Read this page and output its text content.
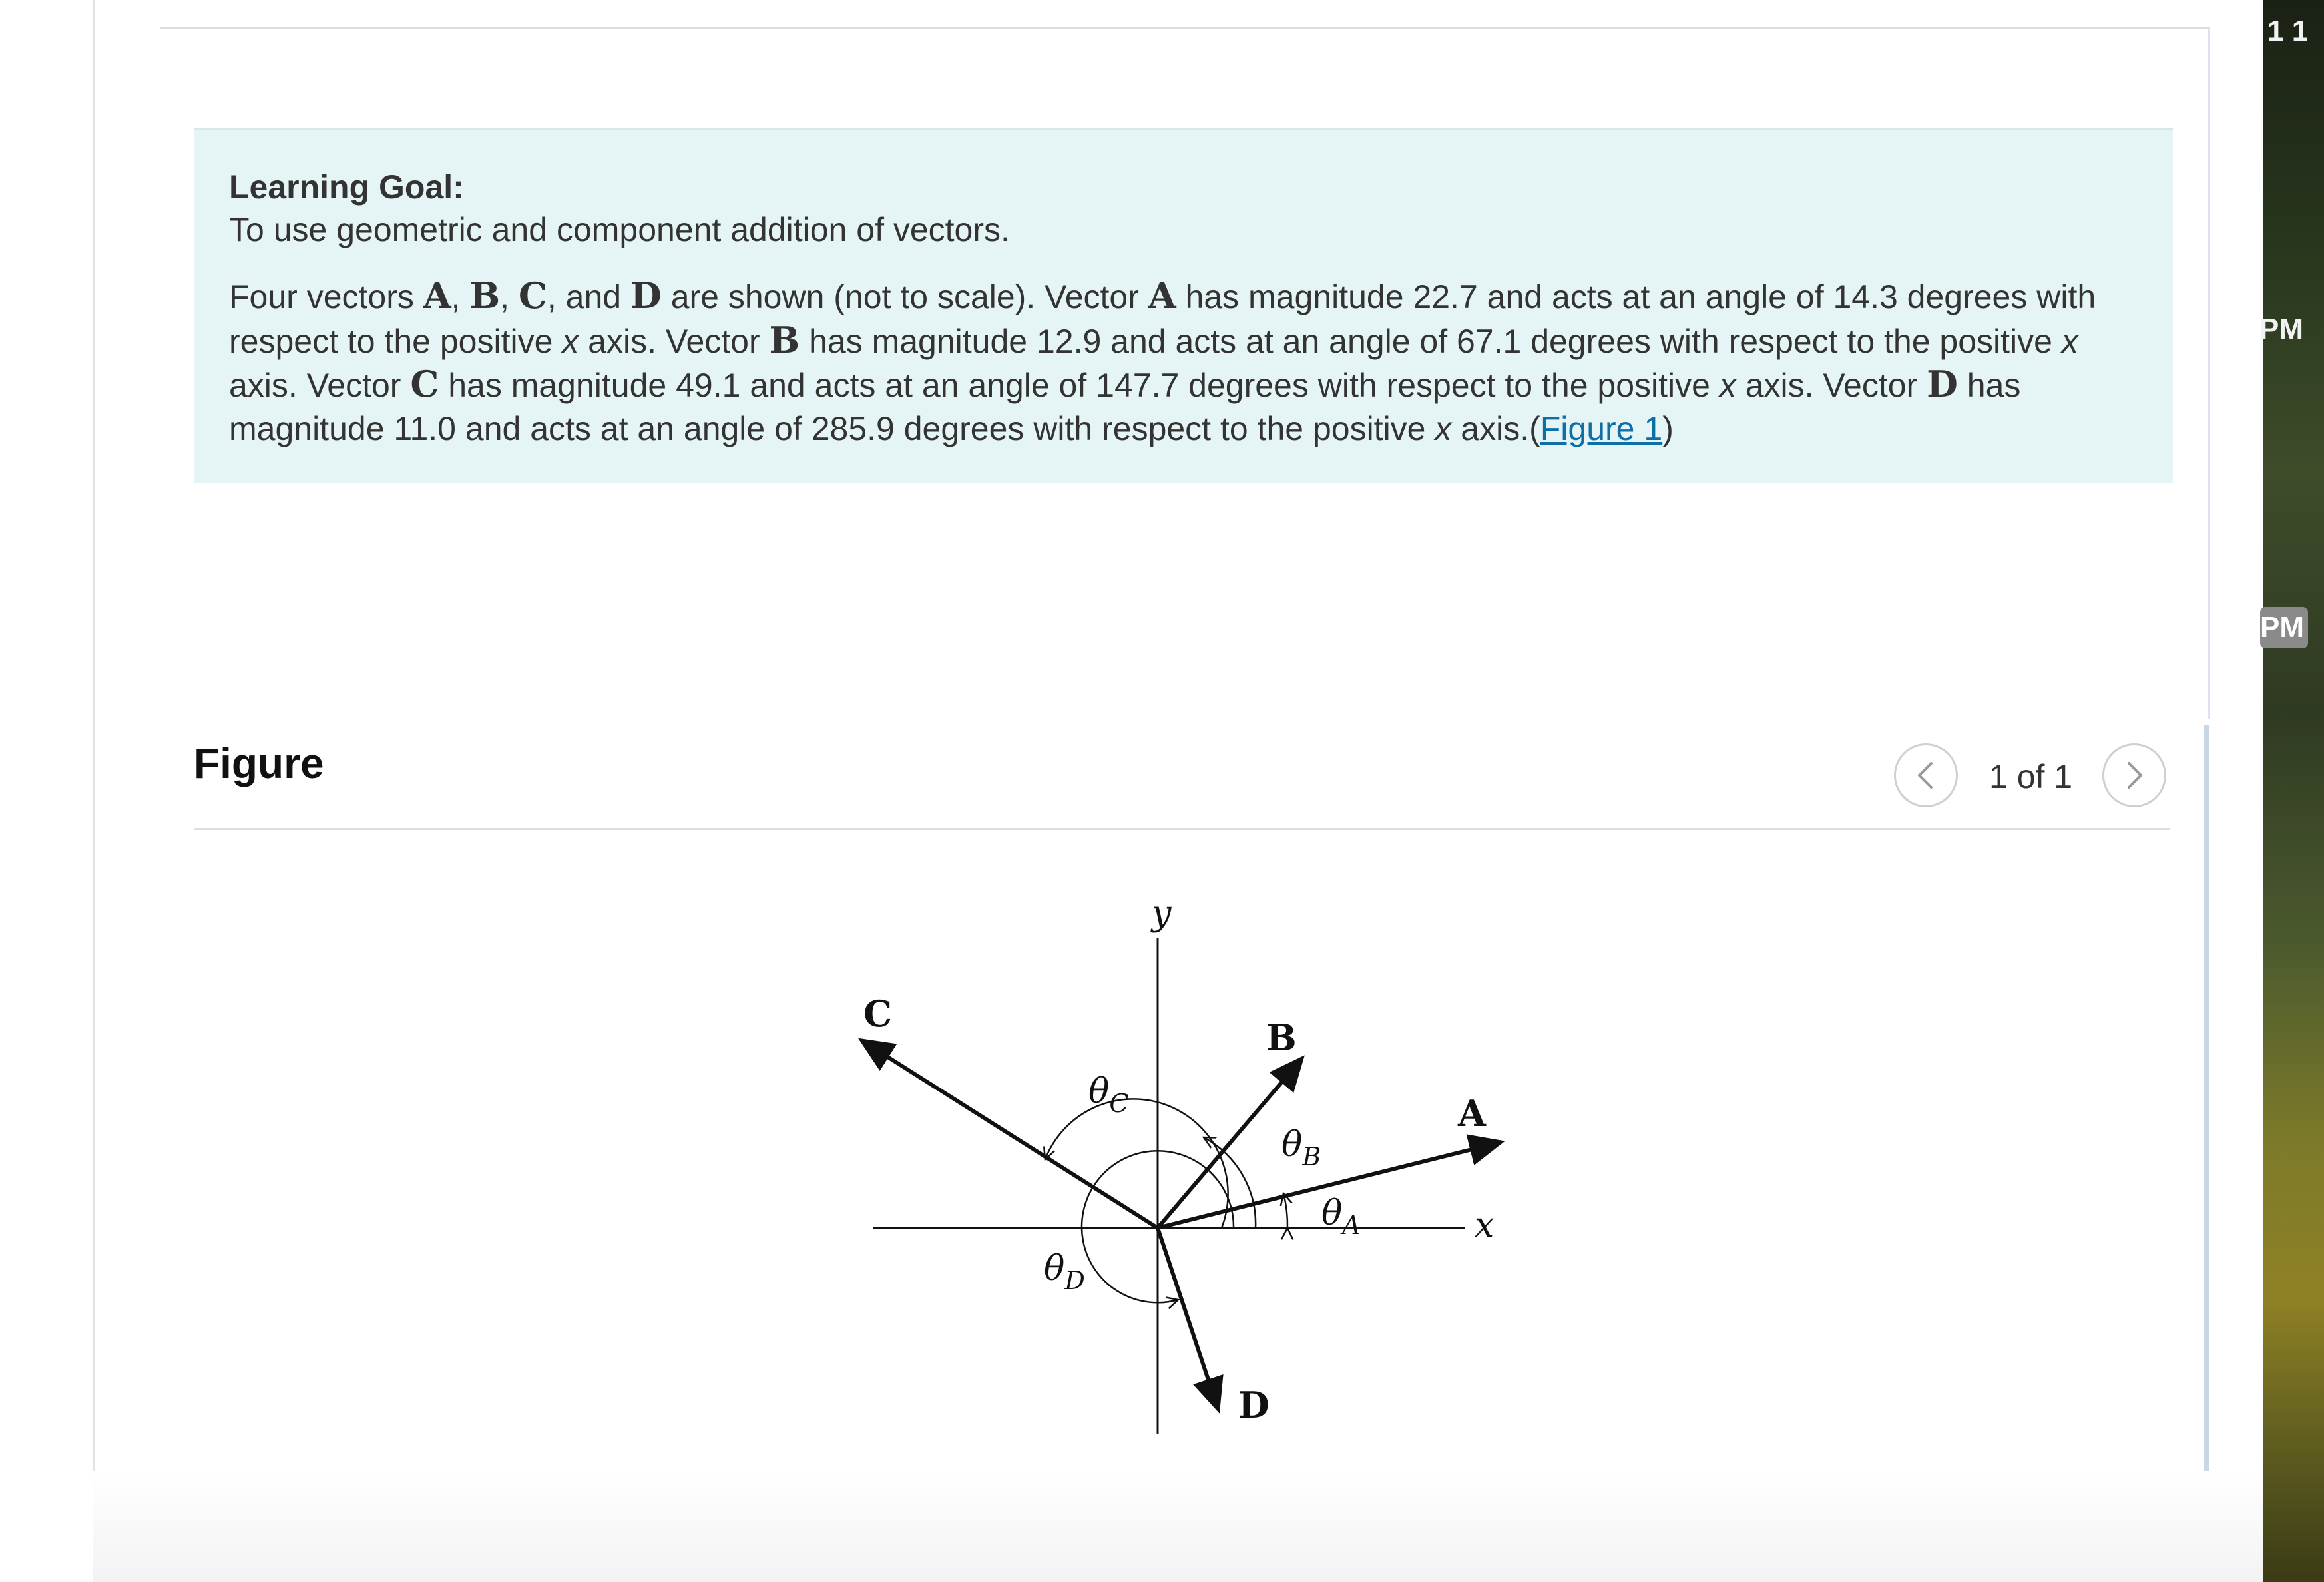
1 1
PM
PM
Learning Goal:
To use geometric and component addition of vectors.
Four vectors A, B, C, and D are shown (not to scale). Vector A has magnitude 22.7 and acts at an angle of 14.3 degrees with respect to the positive x axis. Vector B has magnitude 12.9 and acts at an angle of 67.1 degrees with respect to the positive x axis. Vector C has magnitude 49.1 and acts at an angle of 147.7 degrees with respect to the positive x axis. Vector D has magnitude 11.0 and acts at an angle of 285.9 degrees with respect to the positive x axis.(Figure 1)
Figure	1 of 1
y
x
A
B
C
D
$\theta_A$
$\theta_B$
$\theta_C$
$\theta_D$
